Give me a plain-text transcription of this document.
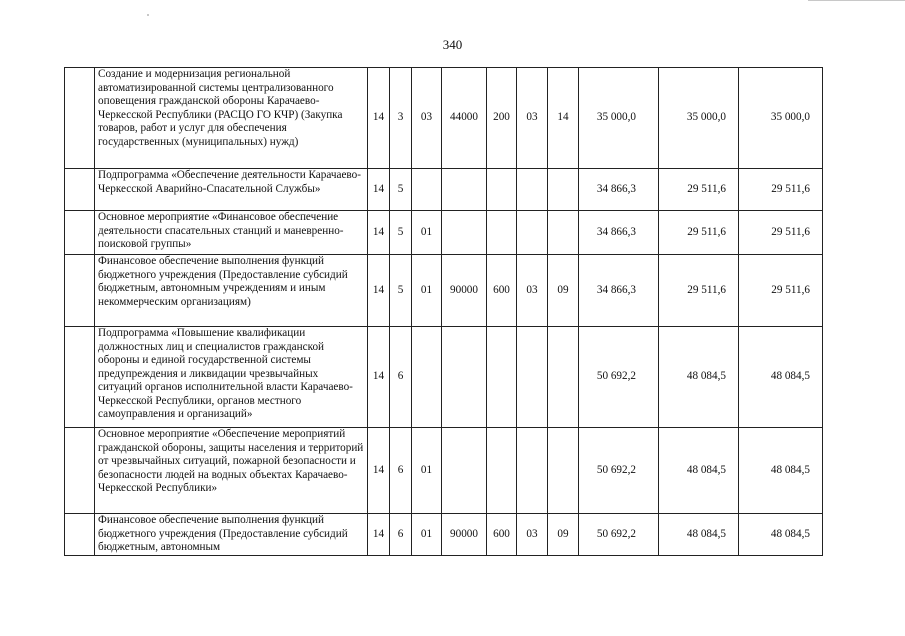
340
	Создание и модернизация региональной автоматизированной системы централизованного оповещения гражданской обороны Карачаево-Черкесской Республики (РАСЦО ГО КЧР) (Закупка товаров, работ и услуг для обеспечения государственных (муниципальных) нужд)	14	3	03	44000	200	03	14	35 000,0	35 000,0	35 000,0
	Подпрограмма «Обеспечение деятельности Карачаево-Черкесской Аварийно-Спасательной Службы»	14	5						34 866,3	29 511,6	29 511,6
	Основное мероприятие «Финансовое обеспечение деятельности спасательных станций и маневренно-поисковой группы»	14	5	01					34 866,3	29 511,6	29 511,6
	Финансовое обеспечение выполнения функций бюджетного учреждения (Предоставление субсидий бюджетным, автономным учреждениям и иным некоммерческим организациям)	14	5	01	90000	600	03	09	34 866,3	29 511,6	29 511,6
	Подпрограмма «Повышение квалификации должностных лиц и специалистов гражданской обороны и единой государственной системы предупреждения и ликвидации чрезвычайных ситуаций органов исполнительной власти Карачаево-Черкесской Республики, органов местного самоуправления и организаций»	14	6						50 692,2	48 084,5	48 084,5
	Основное мероприятие «Обеспечение мероприятий гражданской обороны, защиты населения и территорий от чрезвычайных ситуаций, пожарной безопасности и безопасности людей на водных объектах Карачаево-Черкесской Республики»	14	6	01					50 692,2	48 084,5	48 084,5
	Финансовое обеспечение выполнения функций бюджетного учреждения (Предоставление субсидий бюджетным, автономным	14	6	01	90000	600	03	09	50 692,2	48 084,5	48 084,5
